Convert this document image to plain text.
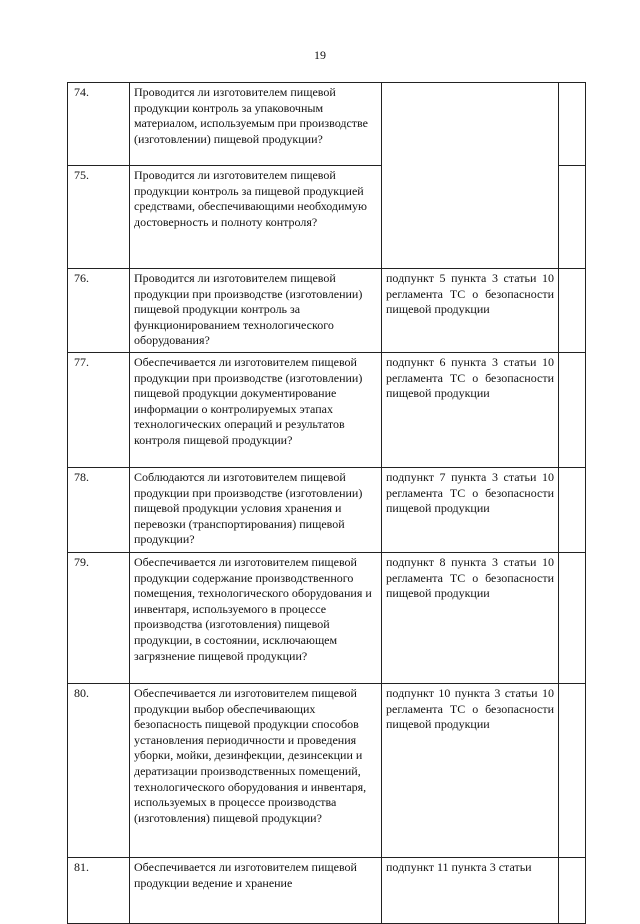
19
74.	Проводится ли изготовителем пищевой продукции контроль за упаковочным материалом, используемым при производстве (изготовлении) пищевой продукции?		
75.	Проводится ли изготовителем пищевой продукции контроль за пищевой продукцией средствами, обеспечивающими необходимую достоверность и полноту контроля?		
76.	Проводится ли изготовителем пищевой продукции при производстве (изготовлении) пищевой продукции контроль за функционированием технологического оборудования?	подпункт 5 пункта 3 статьи 10 регламента ТС о безопасности пищевой продукции	
77.	Обеспечивается ли изготовителем пищевой продукции при производстве (изготовлении) пищевой продукции документирование информации о контролируемых этапах технологических операций и результатов контроля пищевой продукции?	подпункт 6 пункта 3 статьи 10 регламента ТС о безопасности пищевой продукции	
78.	Соблюдаются ли изготовителем пищевой продукции при производстве (изготовлении) пищевой продукции условия хранения и перевозки (транспортирования) пищевой продукции?	подпункт 7 пункта 3 статьи 10 регламента ТС о безопасности пищевой продукции	
79.	Обеспечивается ли изготовителем пищевой продукции содержание производственного помещения, технологического оборудования и инвентаря, используемого в процессе производства (изготовления) пищевой продукции, в состоянии, исключающем загрязнение пищевой продукции?	подпункт 8 пункта 3 статьи 10 регламента ТС о безопасности пищевой продукции	
80.	Обеспечивается ли изготовителем пищевой продукции выбор обеспечивающих безопасность пищевой продукции способов установления периодичности и проведения уборки, мойки, дезинфекции, дезинсекции и дератизации производственных помещений, технологического оборудования и инвентаря, используемых в процессе производства (изготовления) пищевой продукции?	подпункт 10 пункта 3 статьи 10 регламента ТС о безопасности пищевой продукции	
81.	Обеспечивается ли изготовителем пищевой продукции ведение и хранение	подпункт 11 пункта 3 статьи	
